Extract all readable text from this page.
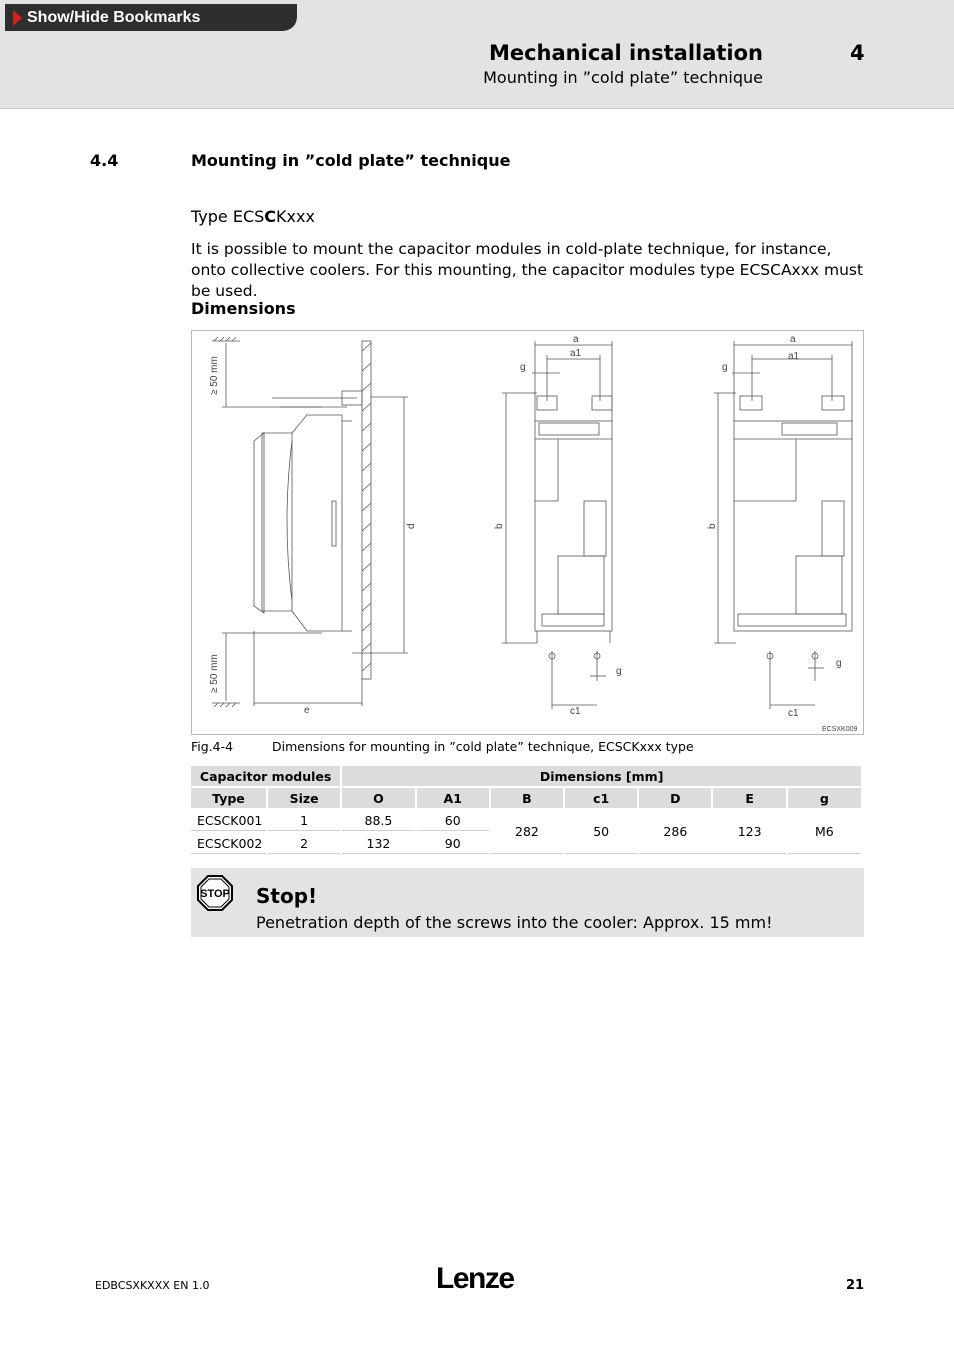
Show/Hide Bookmarks
Mechanical installation	4
Mounting in ”cold plate” technique
4.4	Mounting in ”cold plate” technique
Type ECSCKxxx
It is possible to mount the capacitor modules in cold-plate technique, for instance, onto collective coolers. For this mounting, the capacitor modules type ECSCAxxx must be used.
Dimensions
≥ 50 mm
≥ 50 mm
d
e
b	b
a
a1
a
a1
g	g
g
g
c1	c1
ECSXK009
Fig.4-4	Dimensions for mounting in ”cold plate” technique, ECSCKxxx type
Capacitor modules		Dimensions [mm]						
Type	Size	O	A1	B	c1	D	E	g
ECSCK001	1	88.5	60	282	50	286	123	M6
ECSCK002	2	132	90					
STOP Stop!
Penetration depth of the screws into the cooler: Approx. 15 mm!
EDBCSXKXXX EN 1.0	Lenze	21
